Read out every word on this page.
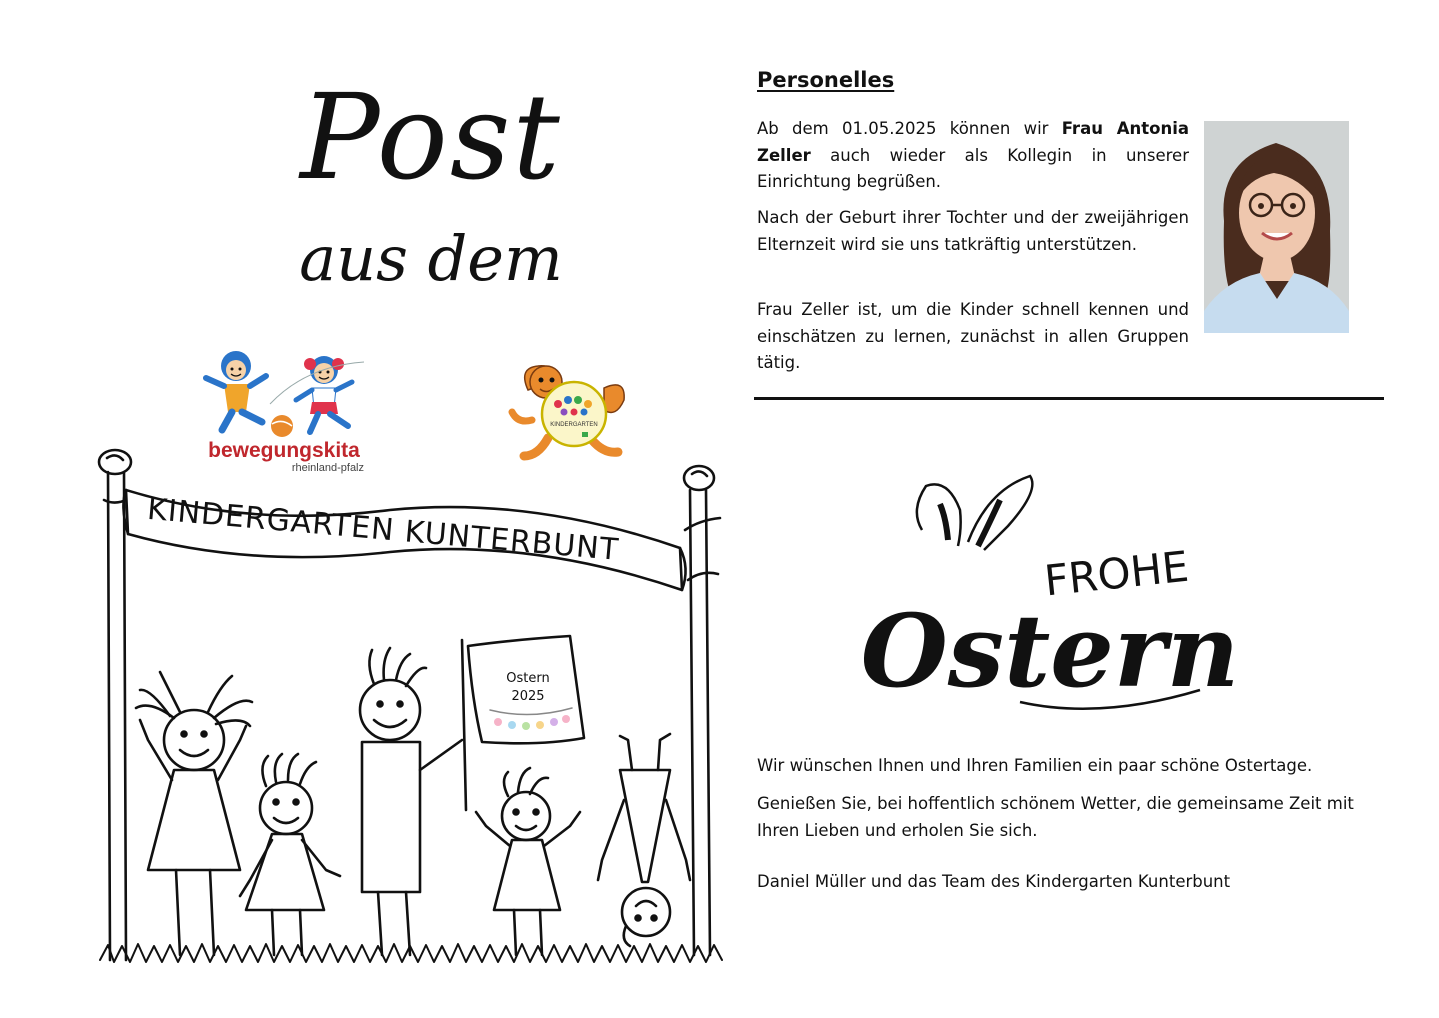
Post
aus dem
bewegungskita
rheinland-pfalz
KINDERGARTEN
KINDERGARTEN KUNTERBUNT
Ostern
2025
Personelles

Ab dem 01.05.2025 können wir Frau Antonia Zeller auch wieder als Kollegin in unserer Einrichtung begrüßen.

Nach der Geburt ihrer Tochter und der zweijährigen Elternzeit wird sie uns tatkräftig unterstützen.

Frau Zeller ist, um die Kinder schnell kennen und einschätzen zu lernen, zunächst in allen Gruppen tätig.

FROHE
Ostern

Wir wünschen Ihnen und Ihren Familien ein paar schöne Ostertage.

Genießen Sie, bei hoffentlich schönem Wetter, die gemeinsame Zeit mit Ihren Lieben und erholen Sie sich.

Daniel Müller und das Team des Kindergarten Kunterbunt
